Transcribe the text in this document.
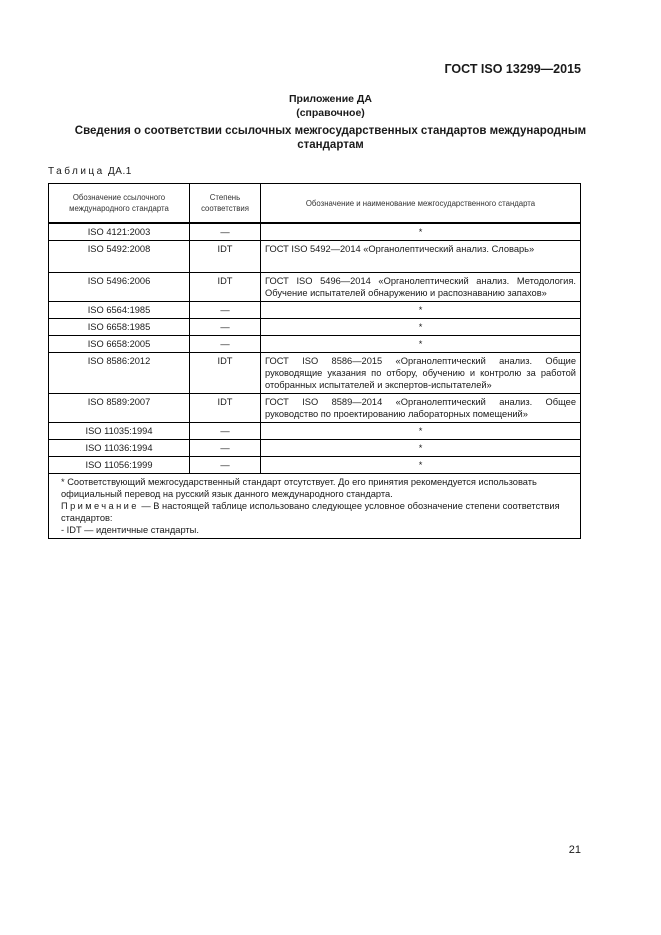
ГОСТ ISO 13299—2015
Приложение ДА
(справочное)
Сведения о соответствии ссылочных межгосударственных стандартов международным стандартам
Таблица ДА.1
Обозначение ссылочного международного стандарта	Степень соответствия	Обозначение и наименование межгосударственного стандарта
ISO 4121:2003	—	*
ISO 5492:2008	IDT	ГОСТ ISO 5492—2014 «Органолептический анализ. Словарь»
ISO 5496:2006	IDT	ГОСТ ISO 5496—2014 «Органолептический анализ. Методология. Обучение испытателей обнаружению и распознаванию запахов»
ISO 6564:1985	—	*
ISO 6658:1985	—	*
ISO 6658:2005	—	*
ISO 8586:2012	IDT	ГОСТ ISO 8586—2015 «Органолептический анализ. Общие руководящие указания по отбору, обучению и контролю за работой отобранных испытателей и экспертов-испытателей»
ISO 8589:2007	IDT	ГОСТ ISO 8589—2014 «Органолептический анализ. Общее руководство по проектированию лабораторных помещений»
ISO 11035:1994	—	*
ISO 11036:1994	—	*
ISO 11056:1999	—	*

* Соответствующий межгосударственный стандарт отсутствует. До его принятия рекомендуется использовать официальный перевод на русский язык данного международного стандарта.
Примечание — В настоящей таблице использовано следующее условное обозначение степени соответствия стандартов:
- IDT — идентичные стандарты.		
21
